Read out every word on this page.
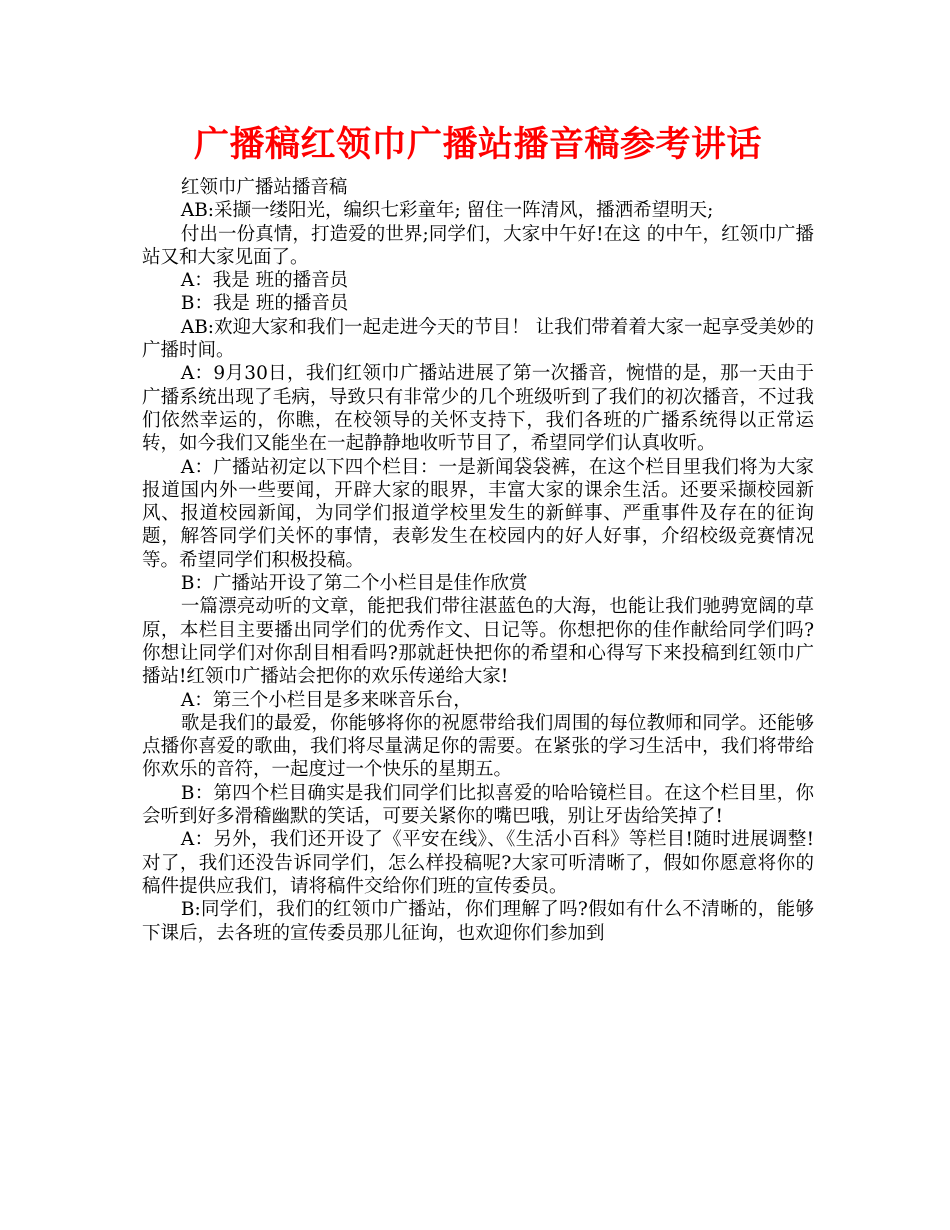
广播稿红领巾广播站播音稿参考讲话

红领巾广播站播音稿

AB:采撷一缕阳光，编织七彩童年; 留住一阵清风，播洒希望明天;

付出一份真情，打造爱的世界;同学们，大家中午好!在这 的中午，红领巾广播站又和大家见面了。

A：我是 班的播音员

B：我是 班的播音员

AB:欢迎大家和我们一起走进今天的节目！ 让我们带着着大家一起享受美妙的广播时间。

A：9月30日，我们红领巾广播站进展了第一次播音，惋惜的是，那一天由于广播系统出现了毛病，导致只有非常少的几个班级听到了我们的初次播音，不过我们依然幸运的，你瞧，在校领导的关怀支持下，我们各班的广播系统得以正常运转，如今我们又能坐在一起静静地收听节目了，希望同学们认真收听。

A：广播站初定以下四个栏目：一是新闻袋袋裤，在这个栏目里我们将为大家报道国内外一些要闻，开辟大家的眼界，丰富大家的课余生活。还要采撷校园新风、报道校园新闻，为同学们报道学校里发生的新鲜事、严重事件及存在的征询题，解答同学们关怀的事情，表彰发生在校园内的好人好事，介绍校级竞赛情况等。希望同学们积极投稿。

B：广播站开设了第二个小栏目是佳作欣赏

一篇漂亮动听的文章，能把我们带往湛蓝色的大海，也能让我们驰骋宽阔的草原，本栏目主要播出同学们的优秀作文、日记等。你想把你的佳作献给同学们吗?你想让同学们对你刮目相看吗?那就赶快把你的希望和心得写下来投稿到红领巾广播站!红领巾广播站会把你的欢乐传递给大家!

A：第三个小栏目是多来咪音乐台，

歌是我们的最爱，你能够将你的祝愿带给我们周围的每位教师和同学。还能够点播你喜爱的歌曲，我们将尽量满足你的需要。在紧张的学习生活中，我们将带给你欢乐的音符，一起度过一个快乐的星期五。

B：第四个栏目确实是我们同学们比拟喜爱的哈哈镜栏目。在这个栏目里，你会听到好多滑稽幽默的笑话，可要关紧你的嘴巴哦，别让牙齿给笑掉了!

A：另外，我们还开设了《平安在线》、《生活小百科》等栏目!随时进展调整! 对了，我们还没告诉同学们，怎么样投稿呢?大家可听清晰了，假如你愿意将你的稿件提供应我们，请将稿件交给你们班的宣传委员。

B:同学们，我们的红领巾广播站，你们理解了吗?假如有什么不清晰的，能够下课后，去各班的宣传委员那儿征询，也欢迎你们参加到
